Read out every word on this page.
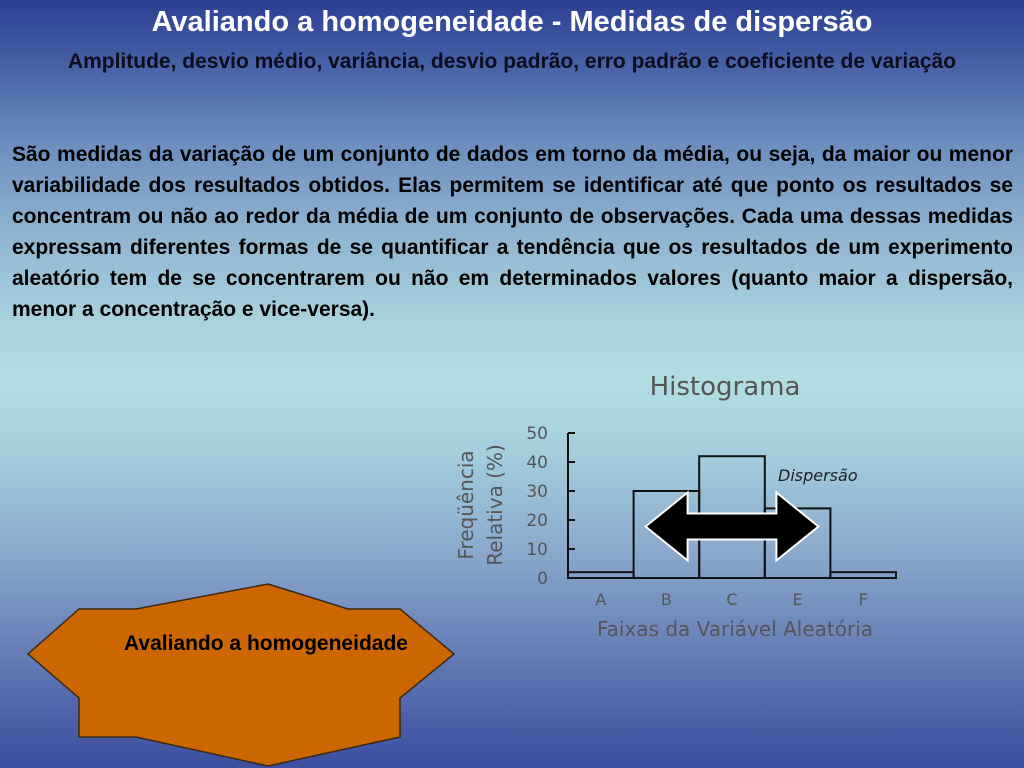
Avaliando a homogeneidade - Medidas de dispersão

Amplitude, desvio médio, variância, desvio padrão, erro padrão e coeficiente de variação

São medidas da variação de um conjunto de dados em torno da média, ou seja, da maior ou menor variabilidade dos resultados obtidos. Elas permitem se identificar até que ponto os resultados se concentram ou não ao redor da média de um conjunto de observações. Cada uma dessas medidas expressam diferentes formas de se quantificar a tendência que os resultados de um experimento aleatório tem de se concentrarem ou não em determinados valores (quanto maior a dispersão, menor a concentração e vice-versa).

Histograma
Freqüência Relativa (%)
0
10
20
30
40
50
A	B	C	E	F
Dispersão
Faixas da Variável Aleatória
Avaliando a homogeneidade
